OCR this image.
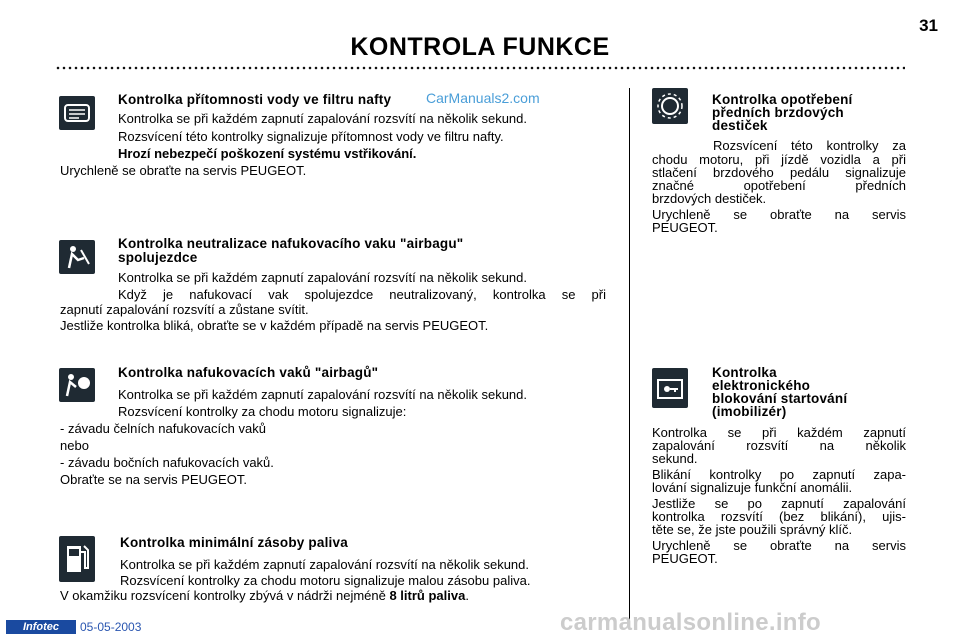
KONTROLA FUNKCE
31
Kontrolka přítomnosti vody ve filtru nafty CarManuals2.com
Kontrolka se při každém zapnutí zapalování rozsvítí na několik sekund.
Rozsvícení této kontrolky signalizuje přítomnost vody ve filtru nafty.
Hrozí nebezpečí poškození systému vstřikování.
Urychleně se obraťte na servis PEUGEOT.
Kontrolka neutralizace nafukovacího vaku "airbagu"
spolujezdce
Kontrolka se při každém zapnutí zapalování rozsvítí na několik sekund.
Když je nafukovací vak spolujezdce neutralizovaný, kontrolka se při
zapnutí zapalování rozsvítí a zůstane svítit.
Jestliže kontrolka bliká, obraťte se v každém případě na servis PEUGEOT.
Kontrolka nafukovacích vaků "airbagů"
Kontrolka se při každém zapnutí zapalování rozsvítí na několik sekund.
Rozsvícení kontrolky za chodu motoru signalizuje:
- závadu čelních nafukovacích vaků
nebo
- závadu bočních nafukovacích vaků.
Obraťte se na servis PEUGEOT.
Kontrolka minimální zásoby paliva
Kontrolka se při každém zapnutí zapalování rozsvítí na několik sekund.
Rozsvícení kontrolky za chodu motoru signalizuje malou zásobu paliva.
V okamžiku rozsvícení kontrolky zbývá v nádrži nejméně 8 litrů paliva.
Kontrolka opotřebení
předních brzdových
destiček
Rozsvícení této kontrolky za
chodu motoru, při jízdě vozidla a při
stlačení brzdového pedálu signalizuje
značné opotřebení předních
brzdových destiček.
Urychleně se obraťte na servis
PEUGEOT.
Kontrolka
elektronického
blokování startování
(imobilizér)
Kontrolka se při každém zapnutí
zapalování rozsvítí na několik
sekund.
Blikání kontrolky po zapnutí zapa-
lování signalizuje funkční anomálii.
Jestliže se po zapnutí zapalování
kontrolka rozsvítí (bez blikání), ujis-
těte se, že jste použili správný klíč.
Urychleně se obraťte na servis
PEUGEOT.
Infotec	05-05-2003	carmanualsonline.info
